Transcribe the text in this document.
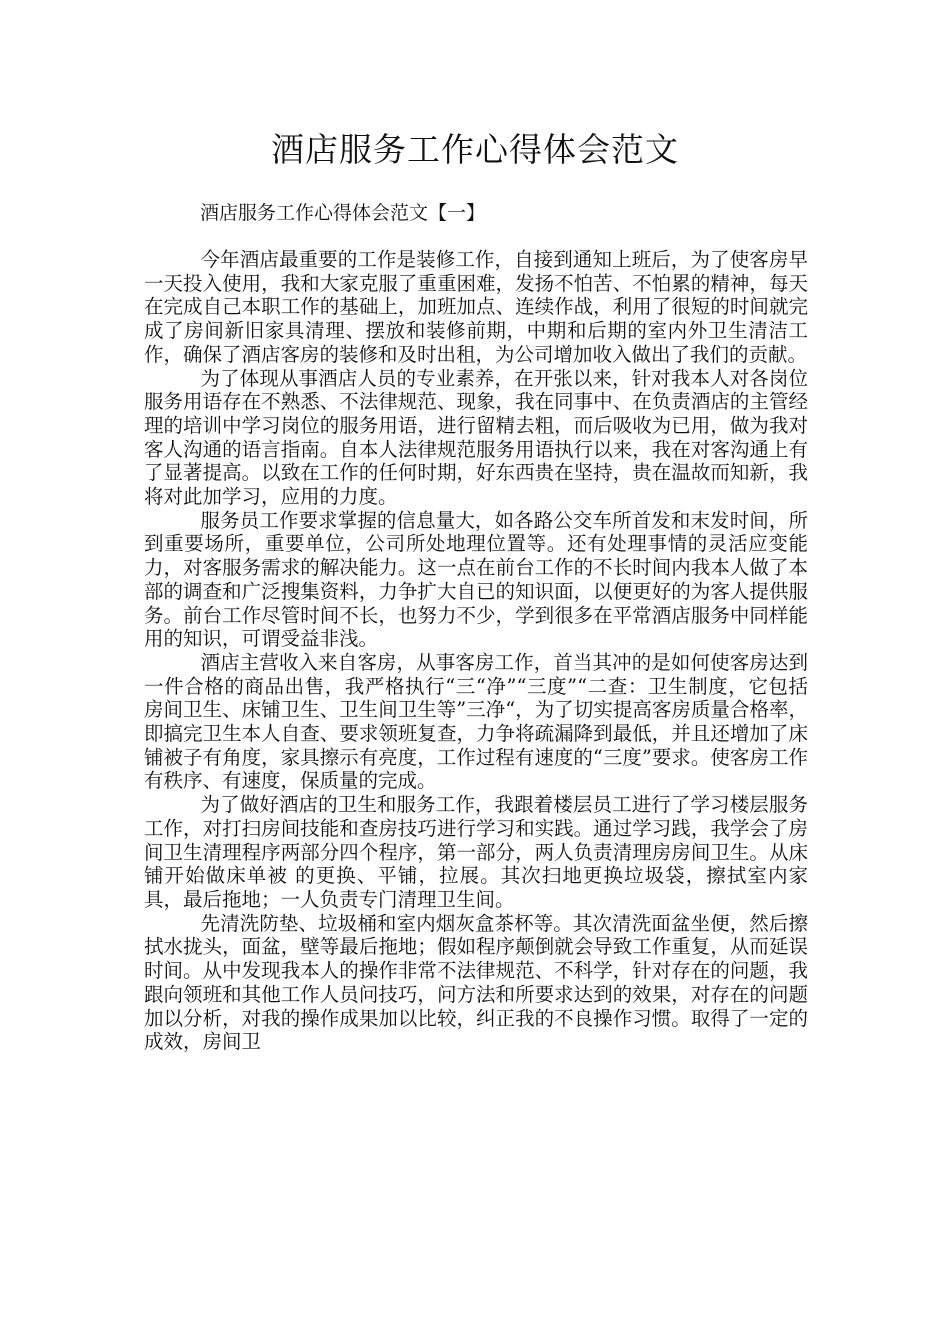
酒店服务工作心得体会范文

酒店服务工作心得体会范文【一】

今年酒店最重要的工作是装修工作，自接到通知上班后，为了使客房早一天投入使用，我和大家克服了重重困难，发扬不怕苦、不怕累的精神，每天在完成自己本职工作的基础上，加班加点、连续作战，利用了很短的时间就完成了房间新旧家具清理、摆放和装修前期，中期和后期的室内外卫生清洁工作，确保了酒店客房的装修和及时出租，为公司增加收入做出了我们的贡献。

为了体现从事酒店人员的专业素养，在开张以来，针对我本人对各岗位服务用语存在不熟悉、不法律规范、现象，我在同事中、在负责酒店的主管经理的培训中学习岗位的服务用语，进行留精去粗，而后吸收为已用，做为我对客人沟通的语言指南。自本人法律规范服务用语执行以来，我在对客沟通上有了显著提高。以致在工作的任何时期，好东西贵在坚持，贵在温故而知新，我将对此加学习，应用的力度。

服务员工作要求掌握的信息量大，如各路公交车所首发和末发时间，所到重要场所，重要单位，公司所处地理位置等。还有处理事情的灵活应变能力，对客服务需求的解决能力。这一点在前台工作的不长时间内我本人做了本部的调查和广泛搜集资料，力争扩大自已的知识面，以便更好的为客人提供服务。前台工作尽管时间不长，也努力不少，学到很多在平常酒店服务中同样能用的知识，可谓受益非浅。

酒店主营收入来自客房，从事客房工作，首当其冲的是如何使客房达到一件合格的商品出售，我严格执行“三“净”“三度”“二查：卫生制度，它包括房间卫生、床铺卫生、卫生间卫生等”三净“，为了切实提高客房质量合格率，即搞完卫生本人自查、要求领班复查，力争将疏漏降到最低，并且还增加了床铺被子有角度，家具擦示有亮度，工作过程有速度的“三度”要求。使客房工作有秩序、有速度，保质量的完成。

为了做好酒店的卫生和服务工作，我跟着楼层员工进行了学习楼层服务工作，对打扫房间技能和查房技巧进行学习和实践。通过学习践，我学会了房间卫生清理程序两部分四个程序，第一部分，两人负责清理房房间卫生。从床铺开始做床单被 的更换、平铺，拉展。其次扫地更换垃圾袋，擦拭室内家具，最后拖地；一人负责专门清理卫生间。

先清洗防垫、垃圾桶和室内烟灰盒茶杯等。其次清洗面盆坐便，然后擦拭水拢头，面盆，壁等最后拖地；假如程序颠倒就会导致工作重复，从而延误时间。从中发现我本人的操作非常不法律规范、不科学，针对存在的问题，我跟向领班和其他工作人员问技巧，问方法和所要求达到的效果，对存在的问题加以分析，对我的操作成果加以比较，纠正我的不良操作习惯。取得了一定的成效，房间卫
